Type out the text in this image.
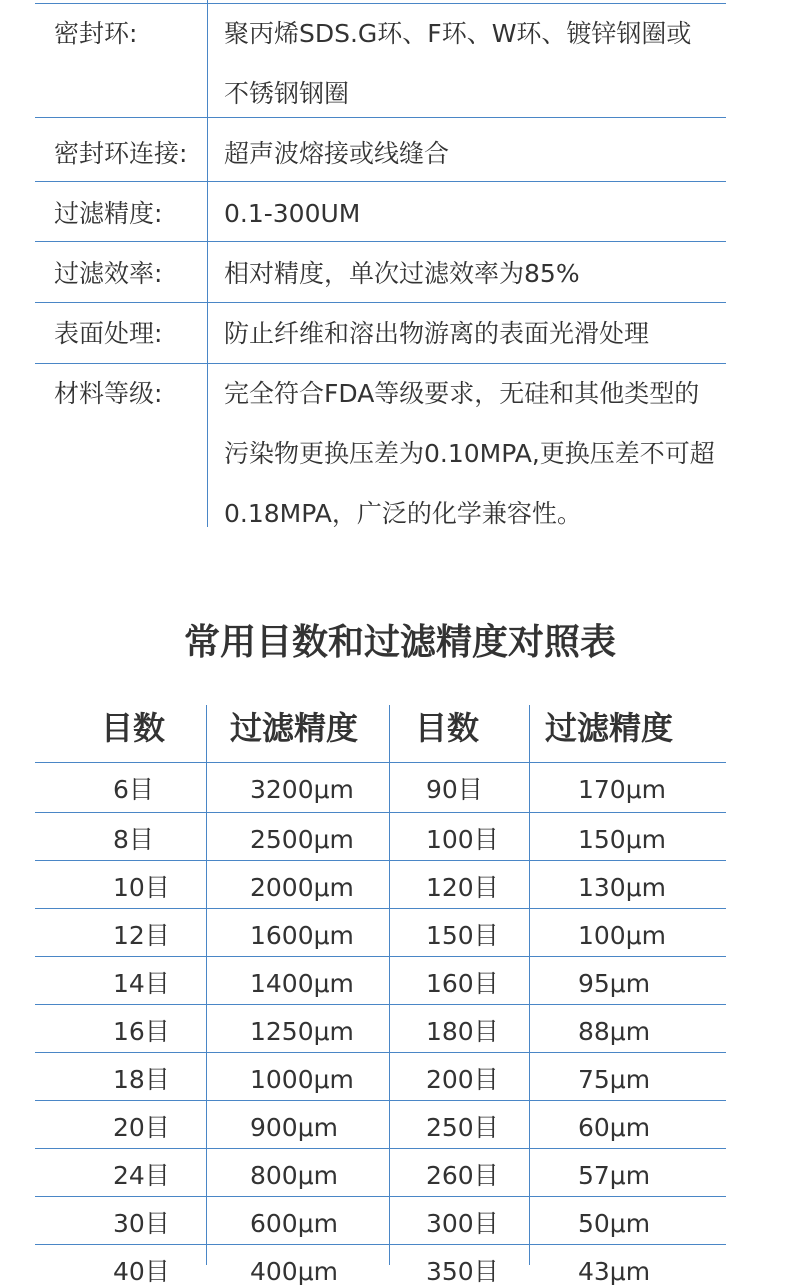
密封环:	聚丙烯SDS.G环、F环、W环、镀锌钢圈或
不锈钢钢圈
密封环连接: 超声波熔接或线缝合
过滤精度: 0.1-300UM
过滤效率: 相对精度，单次过滤效率为85%
表面处理: 防止纤维和溶出物游离的表面光滑处理
材料等级: 完全符合FDA等级要求，无硅和其他类型的
污染物更换压差为0.10MPA,更换压差不可超
0.18MPA，广泛的化学兼容性。
常用目数和过滤精度对照表
目数 过滤精度 目数 过滤精度
6目	3200μm	90目	170μm
8目	2500μm	100目	150μm
10目	2000μm	120目	130μm
12目	1600μm	150目	100μm
14目	1400μm	160目	95μm
16目	1250μm	180目	88μm
18目	1000μm	200目	75μm
20目	900μm	250目	60μm
24目	800μm	260目	57μm
30目	600μm	300目	50μm
40目	400μm	350目	43μm
